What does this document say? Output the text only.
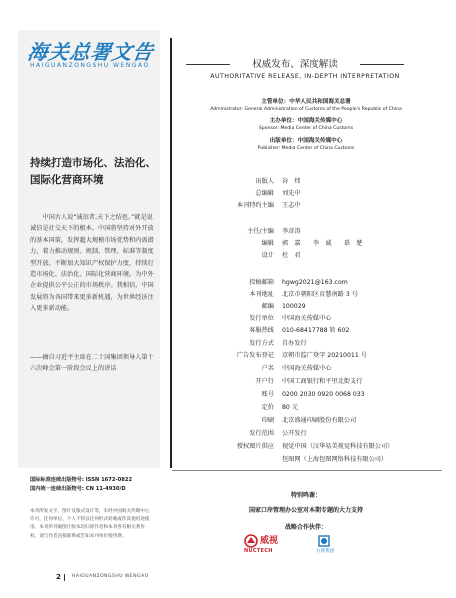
海关总署文告
HAIGUANZONGSHU WENGAO
持续打造市场化、法治化、国际化营商环境
中国古人说“诚信者,天下之结也。”就是说诚信是社交天下的根本。中国将坚持对外开放的基本国策，发挥超大规模市场优势和内需潜力，着力推动规则、规制、管理、标准等制度型开放。不断加大知识产权保护力度，持续打造市场化、法治化、国际化营商环境。为中外企业提供公平公正的市场秩序。我相信，中国发展将为各国带来更多新机遇，为世界经济注入更多新动能。
——摘自习近平主席在二十国集团领导人第十六次峰会第一阶段会议上的讲话
国际标准连续出版物号: ISSN 1672-0822
国内统一连续出版物号: CN 11-4930/D
本刊所发文字、图片及版式设计等，未经中国海关传媒中心许可，任何单位、个人不得以任何形式转载或作其他用途使用。本刊所刊载图片版本均归原作者和本刊各有相关著作权，请与作者直接联系或告知本刊单位使用费。
2 HAIGUANZONGSHU WENGAO
权威发布、深度解读
AUTHORITATIVE RELEASE, IN-DEPTH INTERPRETATION
主管单位：中华人民共和国海关总署
Administrator: General Administration of Customs of the People's Republic of China
主办单位：中国海关传媒中心
Sponsor: Media Center of China Customs
出版单位：中国海关传媒中心
Publisher: Media Center of China Customs
出版人 谷　炜
总编辑 刘先中
本刊特约主编 王志中
主任/主编 李彦涛
编辑 郭　嘉　　李　诚　　慕　楚
设计 杜　君
投稿邮箱 hgwg2021@163.com
本刊地址 北京市朝阳区育慧南路 3 号
邮编 100029
发行单位 中国海关传媒中心
客服热线 010-68417788 转 602
发行方式 自办发行
广告发布登记 京朝市监广登字 20210011 号
户名 中国海关传媒中心
开户行 中国工商银行和平里北街支行
账号 0200 2030 0920 0068 033
定价 80 元
印刷 北京盛通印刷股份有限公司
发行范围 公开发行
授权图片供应 视觉中国（汉华易美视觉科技有限公司）
包图网（上海包图网络科技有限公司）
特别鸣谢：
国家口岸管理办公室对本期专题的大力支持
战略合作伙伴：
威视
NUCTECH	方圆集团
